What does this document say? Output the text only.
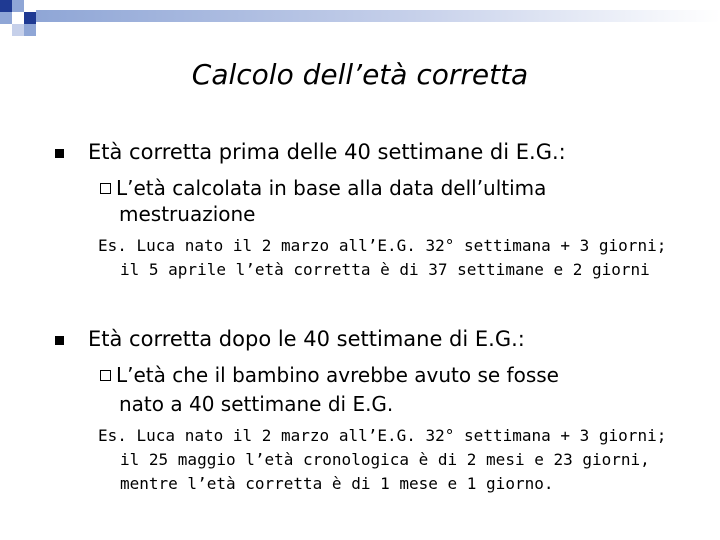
Calcolo dell’età corretta
Età corretta prima delle 40 settimane di E.G.:
L’età calcolata in base alla data dell’ultima
mestruazione
Es. Luca nato il 2 marzo all’E.G. 32° settimana + 3 giorni;
il 5 aprile l’età corretta è di 37 settimane e 2 giorni
Età corretta dopo le 40 settimane di E.G.:
L’età che il bambino avrebbe avuto se fosse
nato a 40 settimane di E.G.
Es. Luca nato il 2 marzo all’E.G. 32° settimana + 3 giorni;
il 25 maggio l’età cronologica è di 2 mesi e 23 giorni,
mentre l’età corretta è di 1 mese e 1 giorno.
